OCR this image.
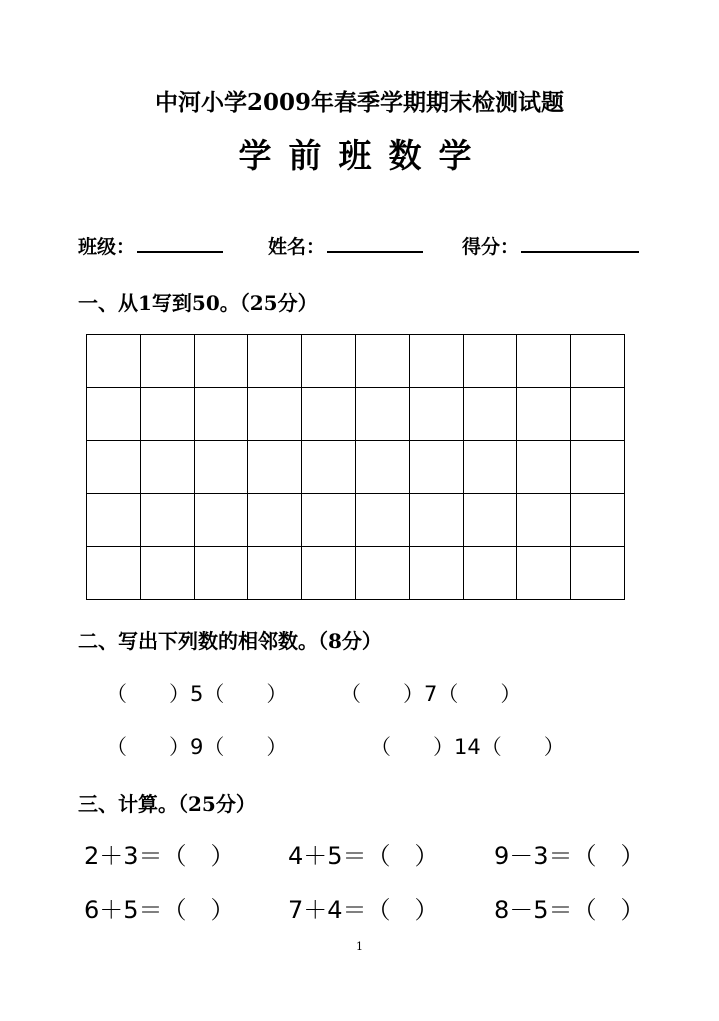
中河小学2009年春季学期期末检测试题
学前班数学
班级：	姓名：	得分：
一、从1写到50。（25分）

二、写出下列数的相邻数。（8分）
（　　）5（　　）	（　　）7（　　）
（　　）9（　　）	（　　）14（　　）
三、计算。（25分）
2＋3＝（　） 4＋5＝（　） 9－3＝（　）
6＋5＝（　） 7＋4＝（　） 8－5＝（　）
1
